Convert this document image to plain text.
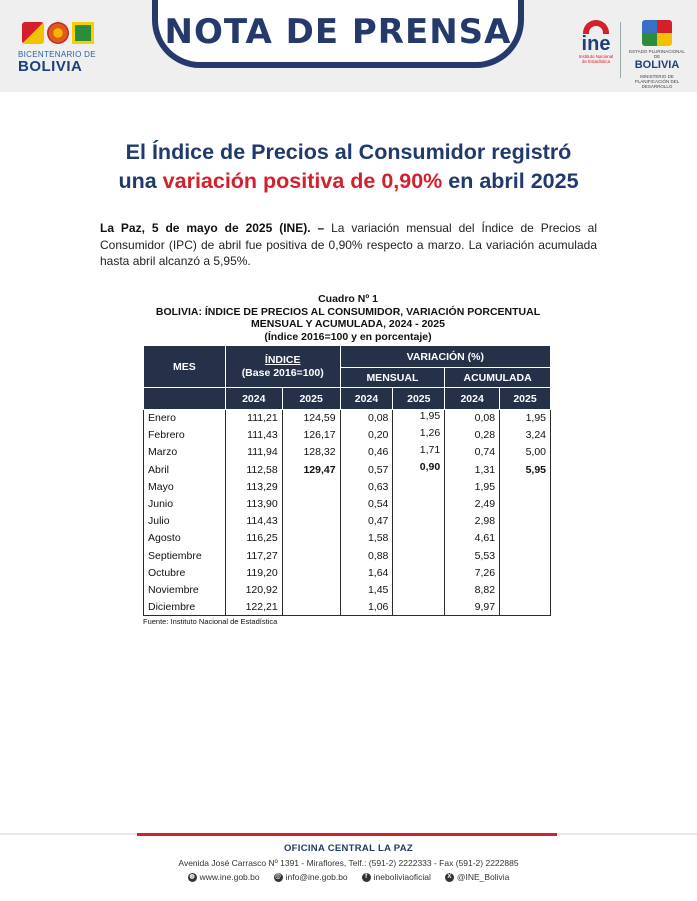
BICENTENARIO DE
BOLIVIA
NOTA DE PRENSA	ine
Instituto Nacional
de Estadística
ESTADO PLURINACIONAL DE
BOLIVIA
MINISTERIO DE PLANIFICACIÓN DEL DESARROLLO
El Índice de Precios al Consumidor registró
una variación positiva de 0,90% en abril 2025

La Paz, 5 de mayo de 2025 (INE). – La variación mensual del Índice de Precios al Consumidor (IPC) de abril fue positiva de 0,90% respecto a marzo. La variación acumulada hasta abril alcanzó a 5,95%.

Cuadro Nº 1
BOLIVIA: ÍNDICE DE PRECIOS AL CONSUMIDOR, VARIACIÓN PORCENTUAL
MENSUAL Y ACUMULADA, 2024 - 2025
(Índice 2016=100 y en porcentaje)
MES	ÍNDICE
(Base 2016=100)		VARIACIÓN (%)			
			MENSUAL		ACUMULADA	
	2024	2025	2024	2025	2024	2025
Enero	111,21	124,59	0,08	1,95	0,08	1,95
Febrero	111,43	126,17	0,20	1,26	0,28	3,24
Marzo	111,94	128,32	0,46	1,71	0,74	5,00
Abril	112,58	129,47	0,57	0,90	1,31	5,95
Mayo	113,29		0,63		1,95	
Junio	113,90		0,54		2,49	
Julio	114,43		0,47		2,98	
Agosto	116,25		1,58		4,61	
Septiembre	117,27		0,88		5,53	
Octubre	119,20		1,64		7,26	
Noviembre	120,92		1,45		8,82	
Diciembre	122,21		1,06		9,97	
Fuente: Instituto Nacional de Estadística
OFICINA CENTRAL LA PAZ
Avenida José Carrasco Nº 1391 - Miraflores, Telf.: (591-2) 2222333 - Fax (591-2) 2222885
◍ www.ine.gob.bo	@ info@ine.gob.bo	f ineboliviaoficial	X @INE_Bolivia
